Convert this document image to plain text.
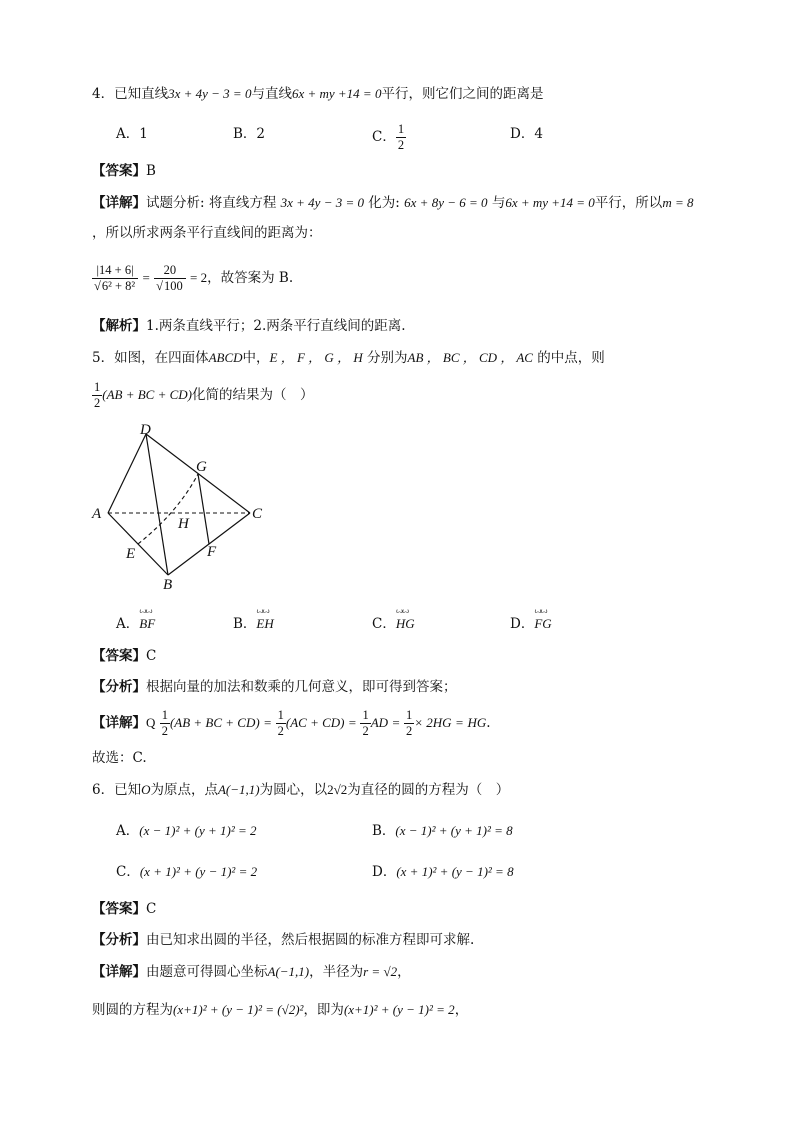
4．已知直线3x + 4y − 3 = 0与直线6x + my +14 = 0平行，则它们之间的距离是
A．1	B．2	C． $\frac{1}{2}$	D．4
【答案】B
【详解】试题分析: 将直线方程 3x + 4y − 3 = 0 化为: 6x + 8y − 6 = 0 与6x + my +14 = 0平行，所以m = 8
，所以所求两条平行直线间的距离为：
$\frac{|14 + 6|}{\text{√6² + 8²}} = \frac{20}{√100} = 2$，故答案为 B.
【解析】1.两条直线平行；2.两条平行直线间的距离.
5．如图，在四面体ABCD中，E ， F ， G ， H 分别为AB ， BC ， CD ， AC 的中点，则
$\frac{1}{2} (AB$ + BC + CD)化简的结果为（　）
D
G
A
H
C
E	F
B
A．ꙍꙍ BF	B．ꙍꙍ EH	C．ꙍꙍ HG	D．ꙍꙍ FG
【答案】C
【分析】根据向量的加法和数乘的几何意义，即可得到答案；
【详解】Q $\frac{1}{2} (AB$ + BC + $CD) = \frac{1}{2} (AC + CD) = \frac{1}{2}$ AD = $\frac{1}{2} \times 2HG$ = HG.
故选：C.
6．已知O为原点，点A(−1,1)为圆心，以2√2为直径的圆的方程为（　）
A．(x − 1)² + (y + 1)² = 2	B．(x − 1)² + (y + 1)² = 8
C．(x + 1)² + (y − 1)² = 2	D．(x + 1)² + (y − 1)² = 8
【答案】C
【分析】由已知求出圆的半径，然后根据圆的标准方程即可求解.
【详解】由题意可得圆心坐标A(−1,1)，半径为r = √2，
则圆的方程为(x+1)² + (y − 1)² = (√2)²，即为(x+1)² + (y − 1)² = 2，
